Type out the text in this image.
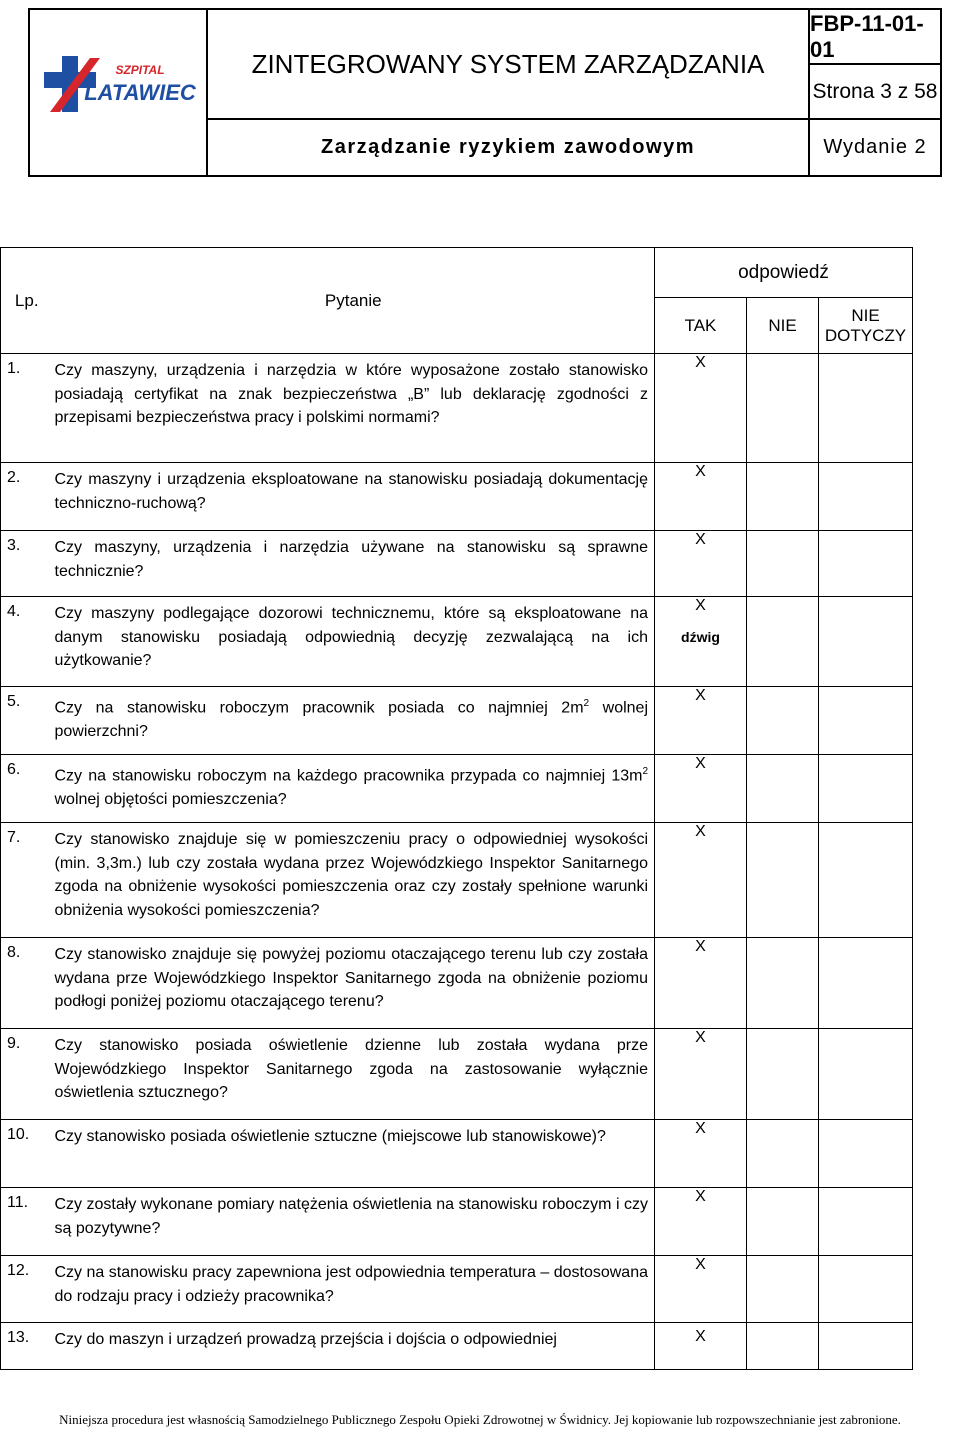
SZPITAL
LATAWIEC
ZINTEGROWANY SYSTEM ZARZĄDZANIA
FBP-11-01-01
Strona 3 z 58
Zarządzanie ryzykiem zawodowym	Wydanie 2
Lp.	Pytanie	odpowiedź		
		TAK	NIE	NIE DOTYCZY
1.	Czy maszyny, urządzenia i narzędzia w które wyposażone zostało stanowisko posiadają certyfikat na znak bezpieczeństwa „B” lub deklarację zgodności z przepisami bezpieczeństwa pracy i polskimi normami?	X		
2.	Czy maszyny i urządzenia eksploatowane na stanowisku posiadają dokumentację techniczno-ruchową?	X		
3.	Czy maszyny, urządzenia i narzędzia używane na stanowisku są sprawne technicznie?	X		
4.	Czy maszyny podlegające dozorowi technicznemu, które są eksploatowane na danym stanowisku posiadają odpowiednią decyzję zezwalającą na ich użytkowanie?	X
dźwig		

5.	Czy na stanowisku roboczym pracownik posiada co najmniej $2m^2$ wolnej powierzchni?	X		
6.	Czy na stanowisku roboczym na każdego pracownika przypada co najmniej $13m^2$ wolnej objętości pomieszczenia?	X		
7.	Czy stanowisko znajduje się w pomieszczeniu pracy o odpowiedniej wysokości (min. 3,3m.) lub czy została wydana przez Wojewódzkiego Inspektor Sanitarnego zgoda na obniżenie wysokości pomieszczenia oraz czy zostały spełnione warunki obniżenia wysokości pomieszczenia?	X		
8.	Czy stanowisko znajduje się powyżej poziomu otaczającego terenu lub czy została wydana prze Wojewódzkiego Inspektor Sanitarnego zgoda na obniżenie poziomu podłogi poniżej poziomu otaczającego terenu?	X		
9.	Czy stanowisko posiada oświetlenie dzienne lub została wydana prze Wojewódzkiego Inspektor Sanitarnego zgoda na zastosowanie wyłącznie oświetlenia sztucznego?	X		
10.	Czy stanowisko posiada oświetlenie sztuczne (miejscowe lub stanowiskowe)?	X		
11.	Czy zostały wykonane pomiary natężenia oświetlenia na stanowisku roboczym i czy są pozytywne?	X		
12.	Czy na stanowisku pracy zapewniona jest odpowiednia temperatura – dostosowana do rodzaju pracy i odzieży pracownika?	X		
13.	Czy do maszyn i urządzeń prowadzą przejścia i dojścia o odpowiedniej	X		
Niniejsza procedura jest własnością Samodzielnego Publicznego Zespołu Opieki Zdrowotnej w Świdnicy. Jej kopiowanie lub rozpowszechnianie jest zabronione.
